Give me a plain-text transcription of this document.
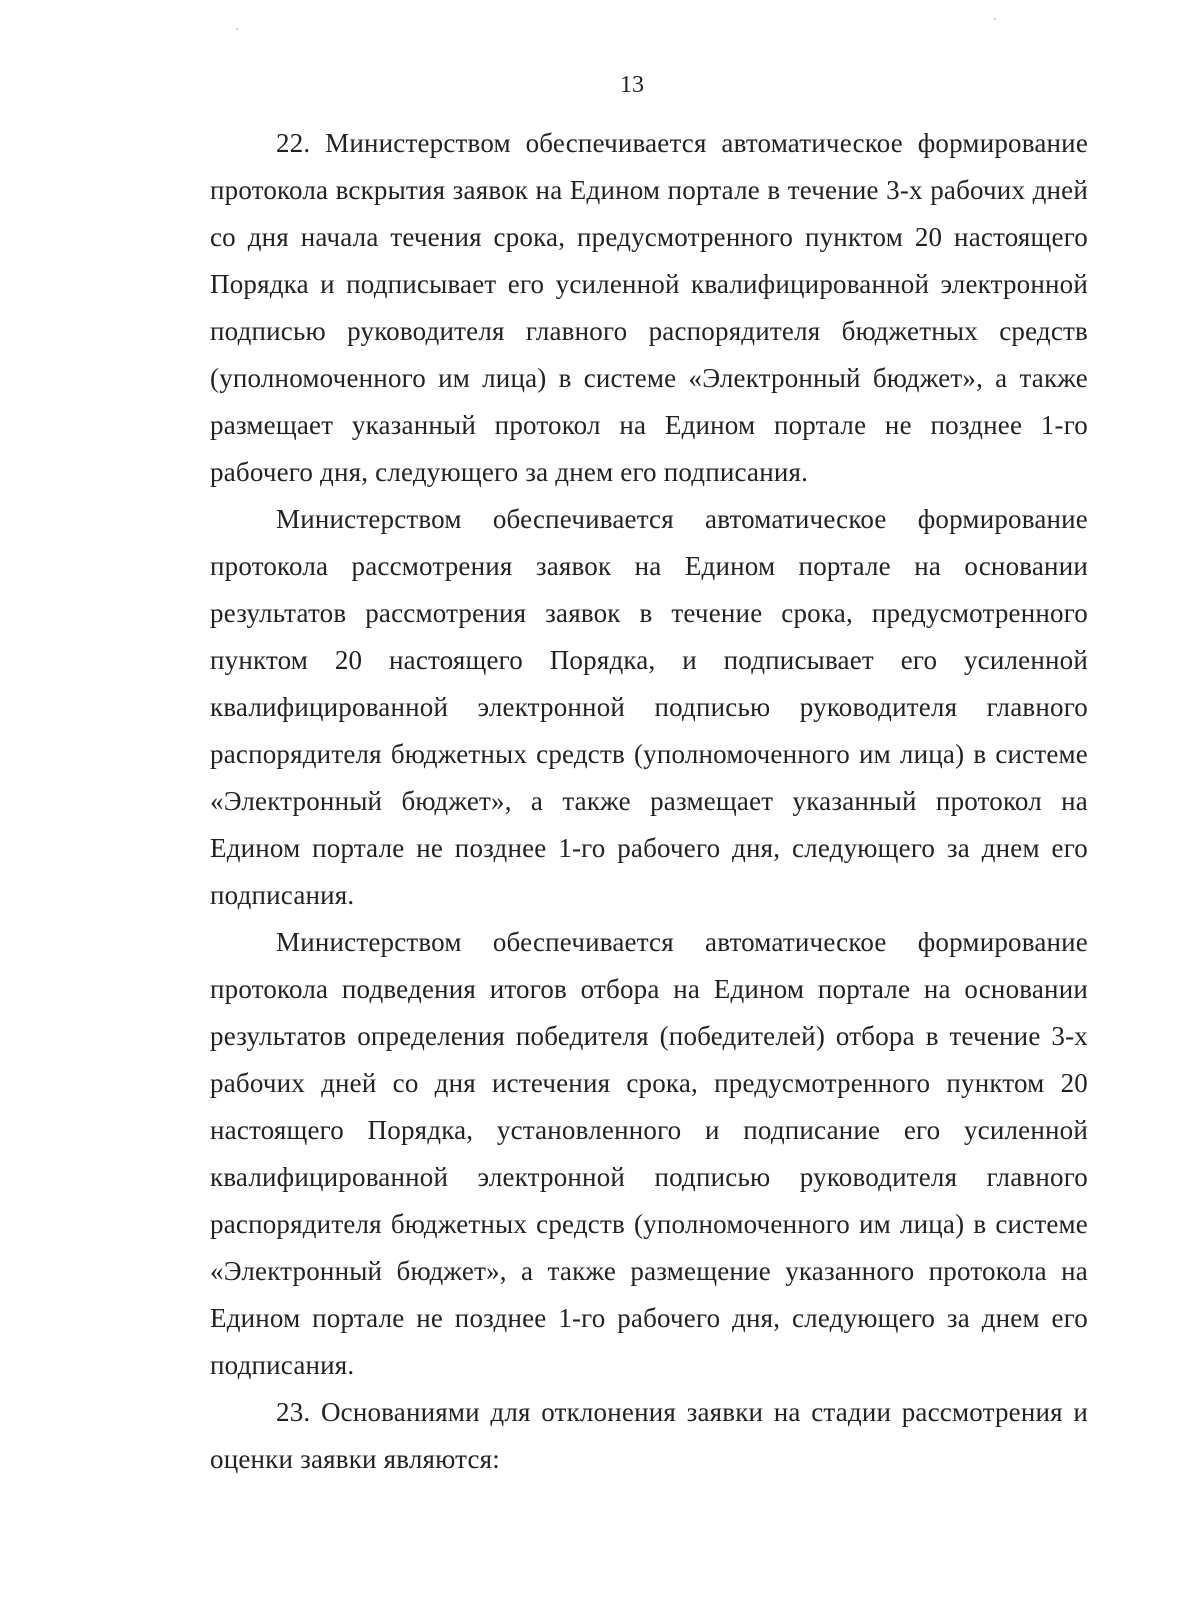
13

22. Министерством обеспечивается автоматическое формирование протокола вскрытия заявок на Едином портале в течение 3-х рабочих дней со дня начала течения срока, предусмотренного пунктом 20 настоящего Порядка и подписывает его усиленной квалифицированной электронной подписью руководителя главного распорядителя бюджетных средств (уполномоченного им лица) в системе «Электронный бюджет», а также размещает указанный протокол на Едином портале не позднее 1-го рабочего дня, следующего за днем его подписания.

Министерством обеспечивается автоматическое формирование протокола рассмотрения заявок на Едином портале на основании результатов рассмотрения заявок в течение срока, предусмотренного пунктом 20 настоящего Порядка, и подписывает его усиленной квалифицированной электронной подписью руководителя главного распорядителя бюджетных средств (уполномоченного им лица) в системе «Электронный бюджет», а также размещает указанный протокол на Едином портале не позднее 1-го рабочего дня, следующего за днем его подписания.

Министерством обеспечивается автоматическое формирование протокола подведения итогов отбора на Едином портале на основании результатов определения победителя (победителей) отбора в течение 3-х рабочих дней со дня истечения срока, предусмотренного пунктом 20 настоящего Порядка, установленного и подписание его усиленной квалифицированной электронной подписью руководителя главного распорядителя бюджетных средств (уполномоченного им лица) в системе «Электронный бюджет», а также размещение указанного протокола на Едином портале не позднее 1-го рабочего дня, следующего за днем его подписания.

23. Основаниями для отклонения заявки на стадии рассмотрения и оценки заявки являются:
